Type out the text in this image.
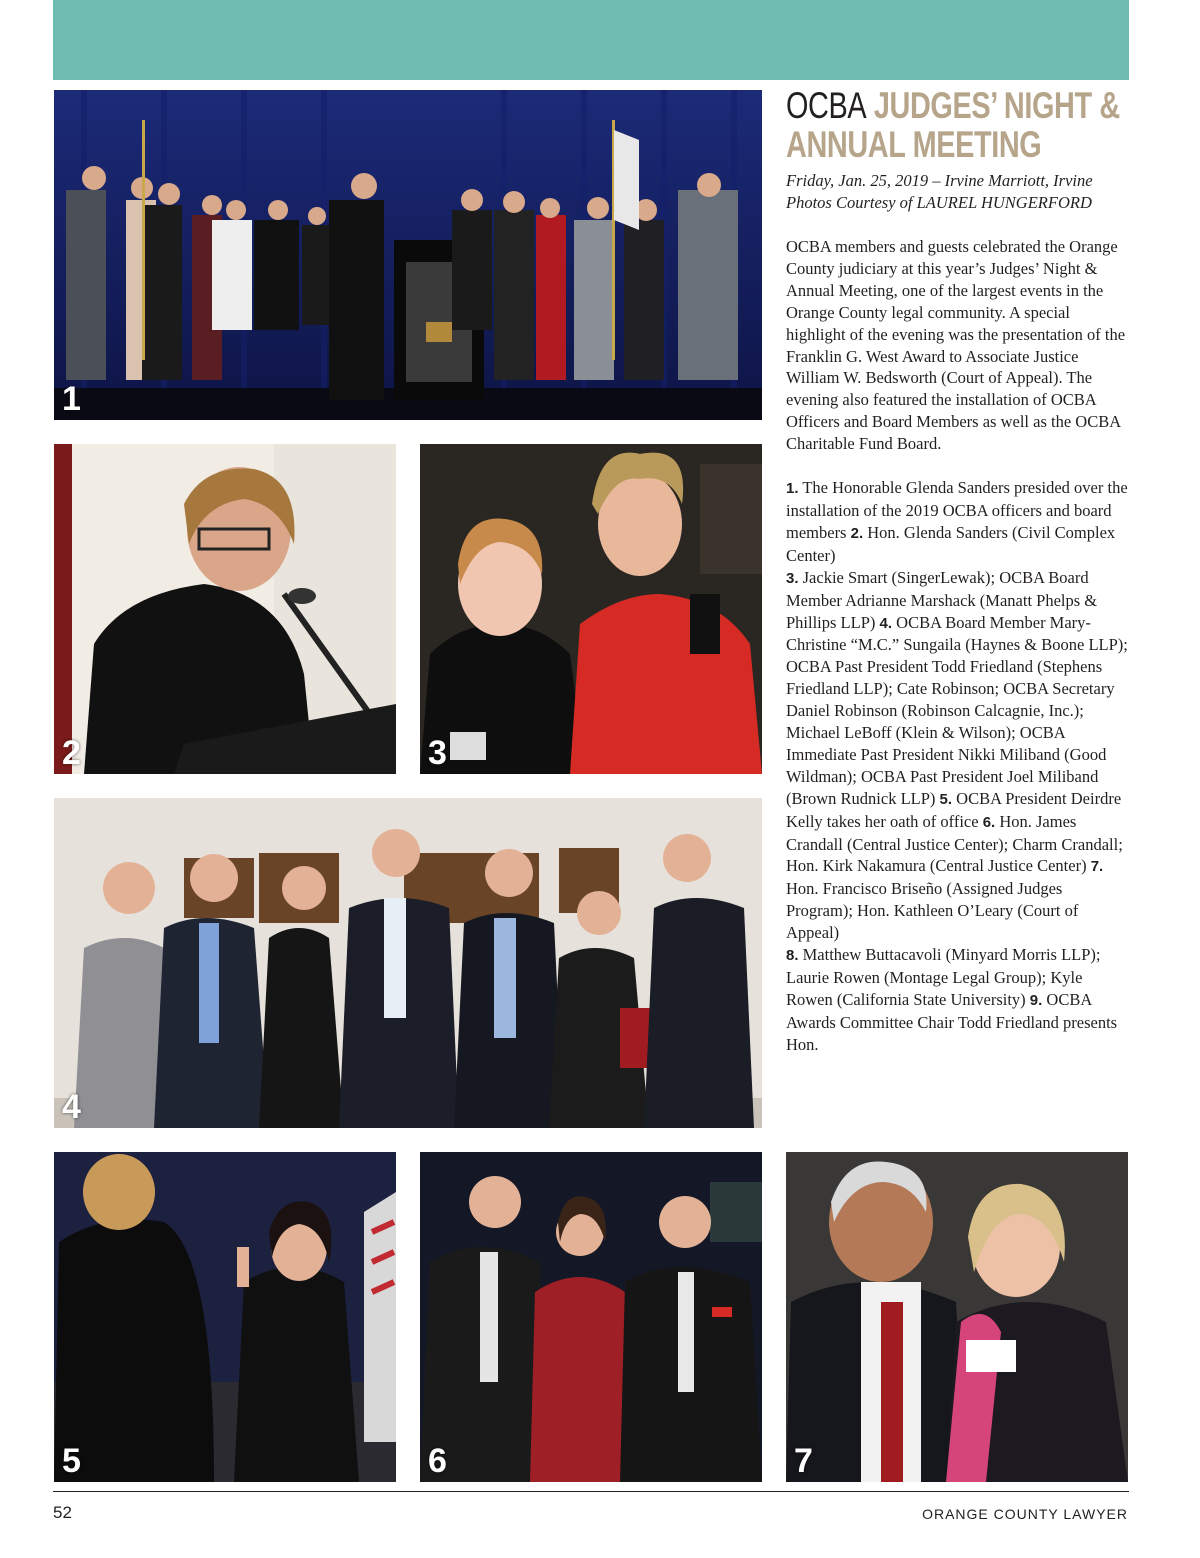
1
2	3
4
5	6	7
OCBA JUDGES’ NIGHT & ANNUAL MEETING

Friday, Jan. 25, 2019 – Irvine Marriott, Irvine

Photos Courtesy of LAUREL HUNGERFORD

OCBA members and guests celebrated the Orange County judiciary at this year’s Judges’ Night & Annual Meeting, one of the largest events in the Orange County legal community. A special highlight of the evening was the presentation of the Franklin G. West Award to Associate Justice William W. Bedsworth (Court of Appeal). The evening also featured the installation of OCBA Officers and Board Members as well as the OCBA Charitable Fund Board.

1. The Honorable Glenda Sanders presided over the installation of the 2019 OCBA officers and board members 2. Hon. Glenda Sanders (Civil Complex Center)
3. Jackie Smart (SingerLewak); OCBA Board Member Adrianne Marshack (Manatt Phelps & Phillips LLP) 4. OCBA Board Member Mary-Christine “M.C.” Sungaila (Haynes & Boone LLP); OCBA Past President Todd Friedland (Stephens Friedland LLP); Cate Robinson; OCBA Secretary Daniel Robinson (Robinson Calcagnie, Inc.); Michael LeBoff (Klein & Wilson); OCBA Immediate Past President Nikki Miliband (Good Wildman); OCBA Past President Joel Miliband (Brown Rudnick LLP) 5. OCBA President Deirdre Kelly takes her oath of office 6. Hon. James Crandall (Central Justice Center); Charm Crandall; Hon. Kirk Nakamura (Central Justice Center) 7. Hon. Francisco Briseño (Assigned Judges Program); Hon. Kathleen O’Leary (Court of Appeal)
8. Matthew Buttacavoli (Minyard Morris LLP); Laurie Rowen (Montage Legal Group); Kyle Rowen (California State University) 9. OCBA Awards Committee Chair Todd Friedland presents Hon.

52	ORANGE COUNTY LAWYER
